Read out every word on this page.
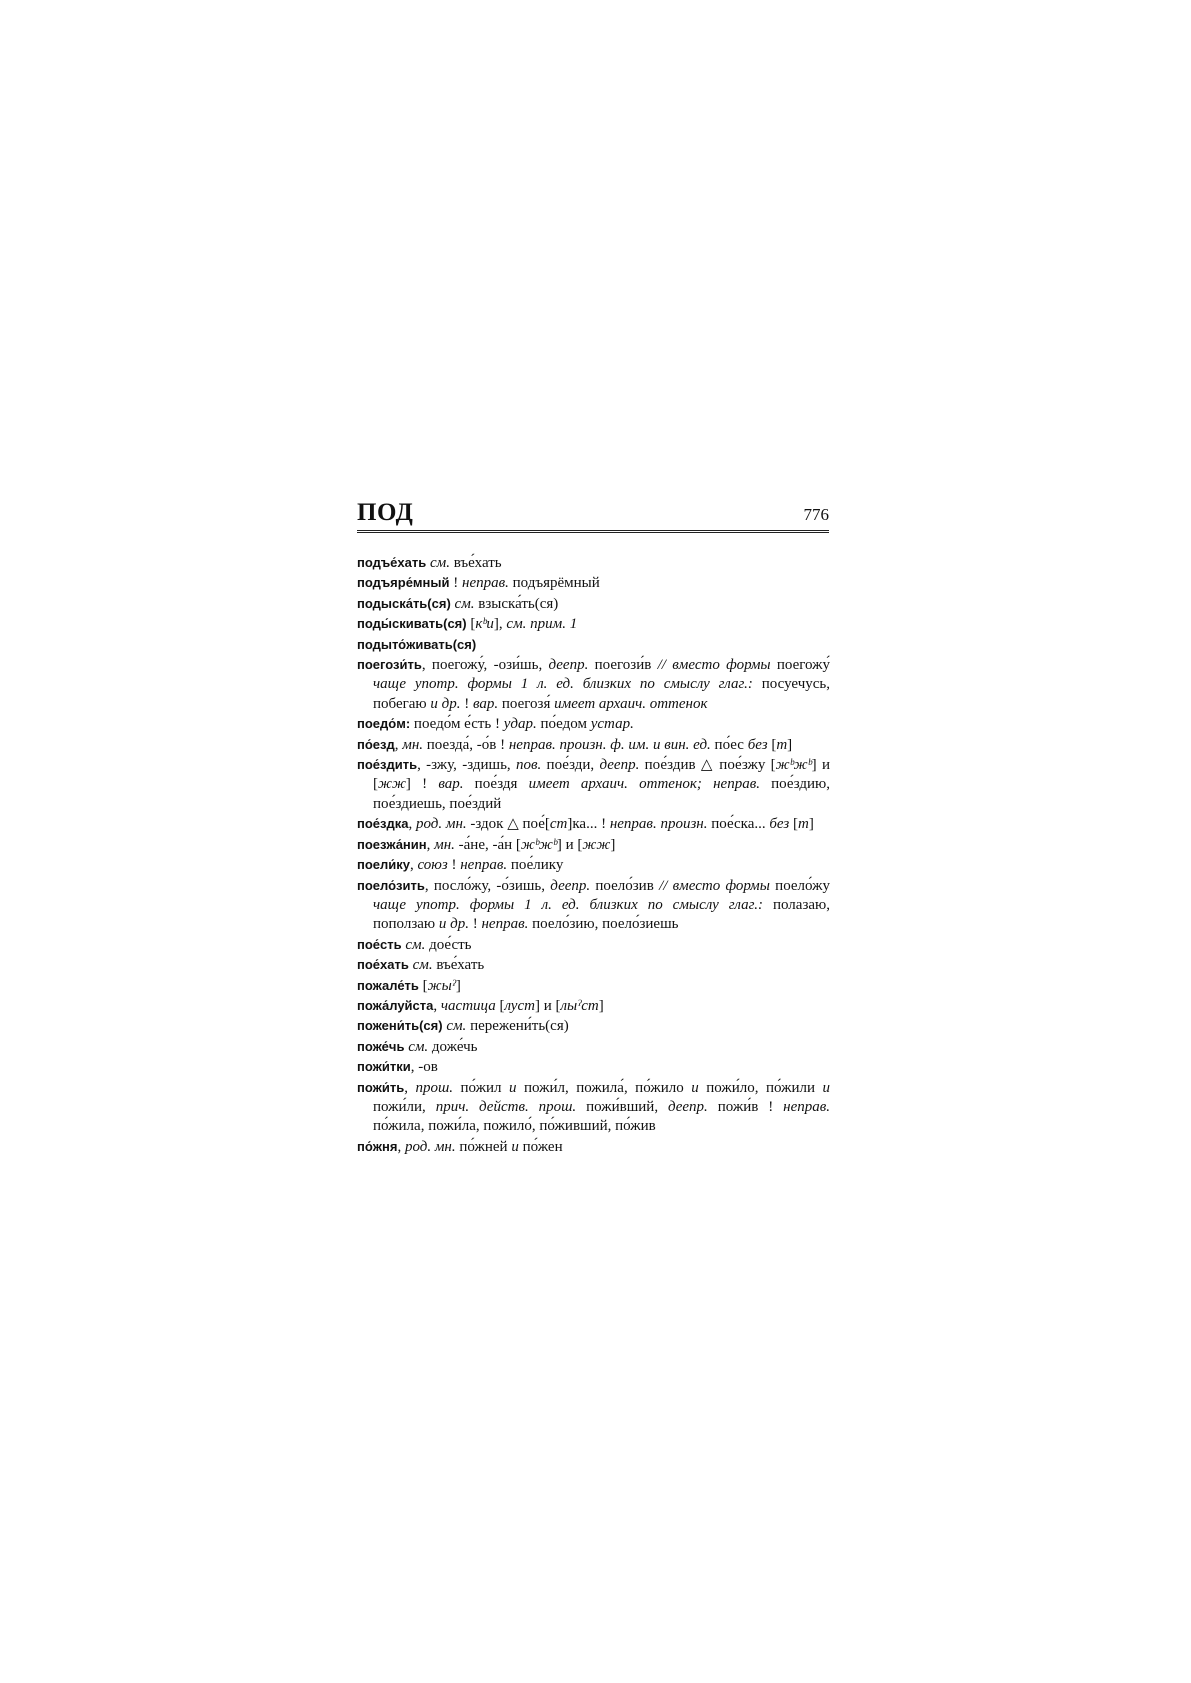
ПОД	776

подъе́хать см. въе́хать

подъяре́мный ! неправ. подъярёмный

подыска́ть(ся) см. взыска́ть(ся)

поды́скивать(ся) [кᵇи], см. прим. 1

подыто́живать(ся)

поегози́ть, поегожу́, -ози́шь, деепр. поегози́в // вместо формы поегожу́ чаще употр. формы 1 л. ед. близких по смыслу глаг.: посуечусь, побегаю и др. ! вар. поегозя́ имеет архаич. оттенок

поедо́м: поедо́м е́сть ! удар. по́едом устар.

по́езд, мн. поезда́, -о́в ! неправ. произн. ф. им. и вин. ед. по́ес без [т]

пое́здить, -зжу, -здишь, пов. пое́зди, деепр. пое́здив △ пое́зжу [жᵇжᵇ] и [жж] ! вар. пое́здя имеет архаич. оттенок; неправ. пое́здию, пое́здиешь, пое́здий

пое́здка, род. мн. -здок △ пое́[ст]ка... ! неправ. произн. пое́ска... без [т]

поезжа́нин, мн. -а́не, -а́н [жᵇжᵇ] и [жж]

пoeли́ку, союз ! неправ. пое́лику

поело́зить, посло́жу, -о́зишь, деепр. поело́зив // вместо формы поело́жу чаще употр. формы 1 л. ед. близких по смыслу глаг.: полазаю, поползаю и др. ! неправ. поело́зию, поело́зиешь

пое́сть см. дое́сть

пое́хать см. въе́хать

пожале́ть [жыˀ]

пожа́луйста, частица [луст] и [лыˀст]

пожени́ть(ся) см. пережени́ть(ся)

поже́чь см. доже́чь

пожи́тки, -ов

пожи́ть, прош. по́жил и пожи́л, пожила́, по́жило и пожи́ло, по́жили и пожи́ли, прич. действ. прош. пожи́вший, деепр. пожи́в ! неправ. по́жила, пожи́ла, пожило́, по́живший, по́жив

по́жня, род. мн. по́жней и по́жен
